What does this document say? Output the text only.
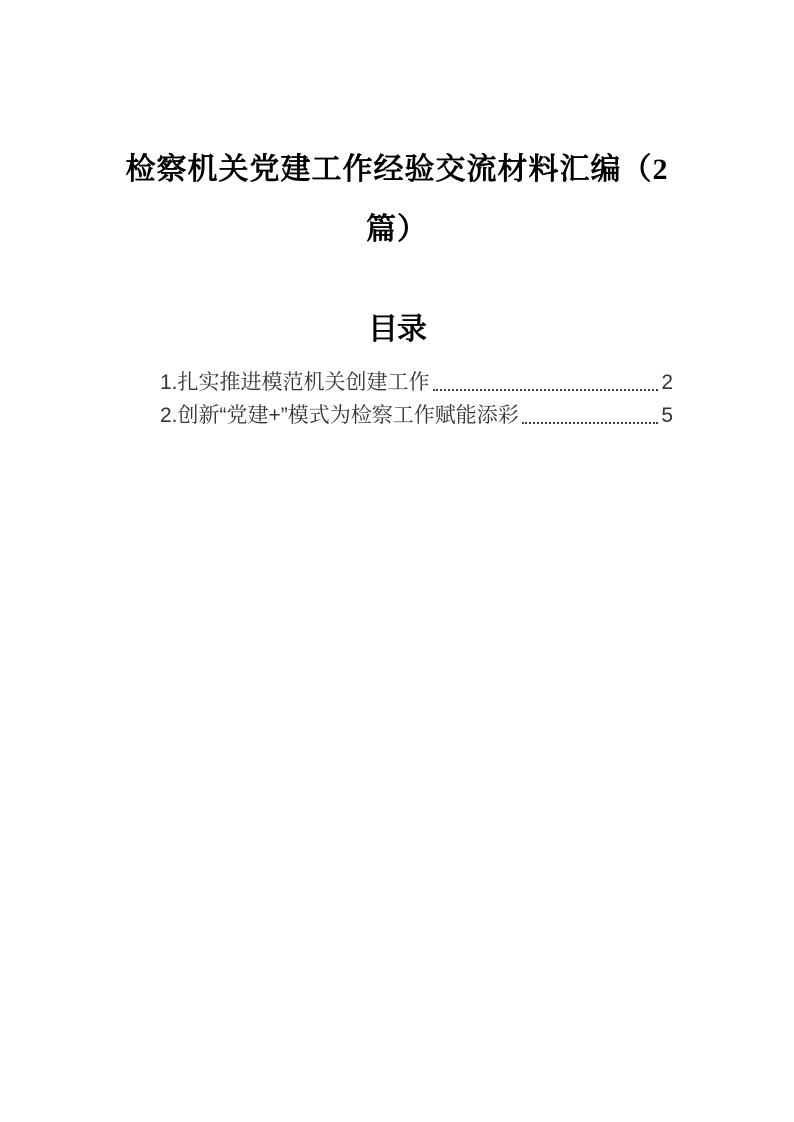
检察机关党建工作经验交流材料汇编（2
篇）
目录
1.扎实推进模范机关创建工作	2
2.创新“党建+”模式为检察工作赋能添彩	5
